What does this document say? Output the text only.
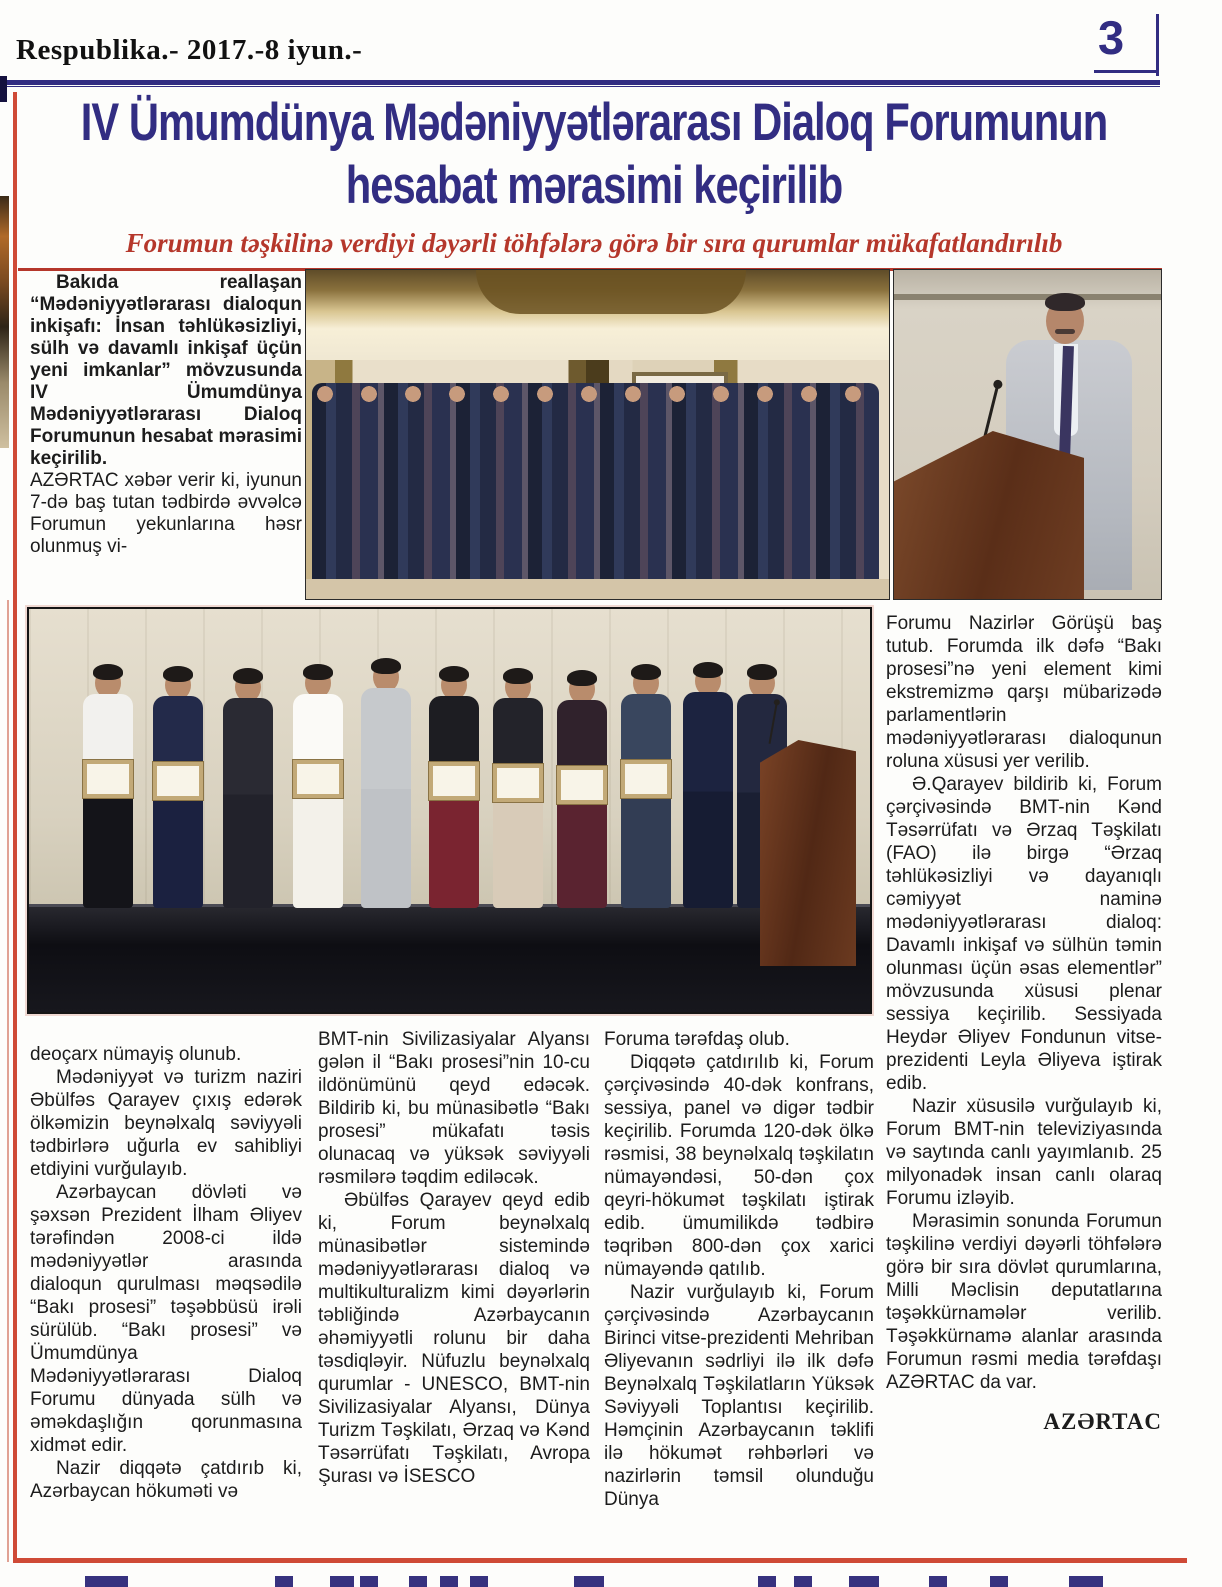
Respublika.- 2017.-8 iyun.-	3
IV Ümumdünya Mədəniyyətlərarası Dialoq Forumunun
hesabat mərasimi keçirilib
Forumun təşkilinə verdiyi dəyərli töhfələrə görə bir sıra qurumlar mükafatlandırılıb

Bakıda reallaşan “Mədəniyyətlərarası dialoqun inkişafı: İnsan təhlükəsizliyi, sülh və davamlı inkişaf üçün yeni imkanlar” mövzusunda IV Ümumdünya Mədəniyyətlərarası Dialoq Forumunun hesabat mərasimi keçirilib.

AZƏRTAC xəbər verir ki, iyunun 7-də baş tutan tədbirdə əvvəlcə Forumun yekunlarına həsr olunmuş vi-

deoçarx nümayiş olunub.

Mədəniyyət və turizm naziri Əbülfəs Qarayev çıxış edərək ölkəmizin beynəlxalq səviyyəli tədbirlərə uğurla ev sahibliyi etdiyini vurğulayıb.

Azərbaycan dövləti və şəxsən Prezident İlham Əliyev tərəfindən 2008-ci ildə mədəniyyətlər arasında dialoqun qurulması məqsədilə “Bakı prosesi” təşəbbüsü irəli sürülüb. “Bakı prosesi” və Ümumdünya Mədəniyyətlərarası Dialoq Forumu dünyada sülh və əməkdaşlığın qorunmasına xidmət edir.

Nazir diqqətə çatdırıb ki, Azərbaycan hökuməti və

BMT-nin Sivilizasiyalar Alyansı gələn il “Bakı prosesi”nin 10-cu ildönümünü qeyd edəcək. Bildirib ki, bu münasibətlə “Bakı prosesi” mükafatı təsis olunacaq və yüksək səviyyəli rəsmilərə təqdim ediləcək.

Əbülfəs Qarayev qeyd edib ki, Forum beynəlxalq münasibətlər sistemində mədəniyyətlərarası dialoq və multikulturalizm kimi dəyərlərin təbliğində Azərbaycanın əhəmiyyətli rolunu bir daha təsdiqləyir. Nüfuzlu beynəlxalq qurumlar - UNESCO, BMT-nin Sivilizasiyalar Alyansı, Dünya Turizm Təşkilatı, Ərzaq və Kənd Təsərrüfatı Təşkilatı, Avropa Şurası və İSESCO

Foruma tərəfdaş olub.

Diqqətə çatdırılıb ki, Forum çərçivəsində 40-dək konfrans, sessiya, panel və digər tədbir keçirilib. Forumda 120-dək ölkə rəsmisi, 38 beynəlxalq təşkilatın nümayəndəsi, 50-dən çox qeyri-hökumət təşkilatı iştirak edib. ümumilikdə tədbirə təqribən 800-dən çox xarici nümayəndə qatılıb.

Nazir vurğulayıb ki, Forum çərçivəsində Azərbaycanın Birinci vitse-prezidenti Mehriban Əliyevanın sədrliyi ilə ilk dəfə Beynəlxalq Təşkilatların Yüksək Səviyyəli Toplantısı keçirilib. Həmçinin Azərbaycanın təklifi ilə hökumət rəhbərləri və nazirlərin təmsil olunduğu Dünya

Forumu Nazirlər Görüşü baş tutub. Forumda ilk dəfə “Bakı prosesi”nə yeni element kimi ekstremizmə qarşı mübarizədə parlamentlərin mədəniyyətlərarası dialoqunun roluna xüsusi yer verilib.

Ə.Qarayev bildirib ki, Forum çərçivəsində BMT-nin Kənd Təsərrüfatı və Ərzaq Təşkilatı (FAO) ilə birgə “Ərzaq təhlükəsizliyi və dayanıqlı cəmiyyət naminə mədəniyyətlərarası dialoq: Davamlı inkişaf və sülhün təmin olunması üçün əsas elementlər” mövzusunda xüsusi plenar sessiya keçirilib. Sessiyada Heydər Əliyev Fondunun vitse-prezidenti Leyla Əliyeva iştirak edib.

Nazir xüsusilə vurğulayıb ki, Forum BMT-nin televiziyasında və saytında canlı yayımlanıb. 25 milyonadək insan canlı olaraq Forumu izləyib.

Mərasimin sonunda Forumun təşkilinə verdiyi dəyərli töhfələrə görə bir sıra dövlət qurumlarına, Milli Məclisin deputatlarına təşəkkürnamələr verilib. Təşəkkürnamə alanlar arasında Forumun rəsmi media tərəfdaşı AZƏRTAC da var.

AZƏRTAC
